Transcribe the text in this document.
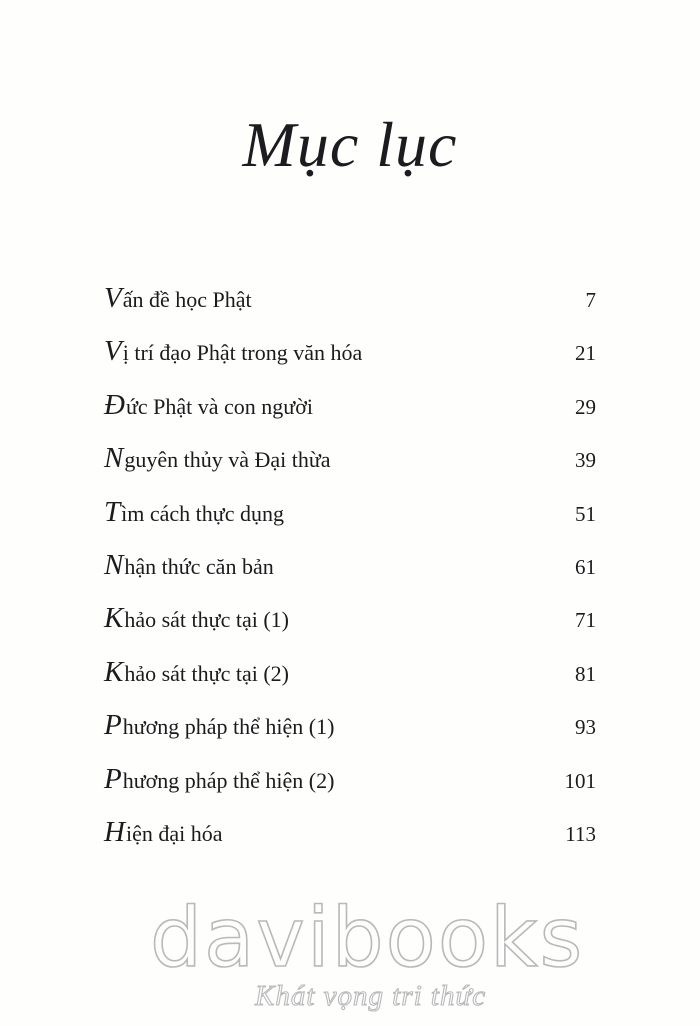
Mục lục
Vấn đề học Phật	7
Vị trí đạo Phật trong văn hóa	21
Đức Phật và con người	29
Nguyên thủy và Đại thừa	39
Tìm cách thực dụng	51
Nhận thức căn bản	61
Khảo sát thực tại (1)	71
Khảo sát thực tại (2)	81
Phương pháp thể hiện (1)	93
Phương pháp thể hiện (2)	101
Hiện đại hóa	113
davibooks
Khát vọng tri thức
